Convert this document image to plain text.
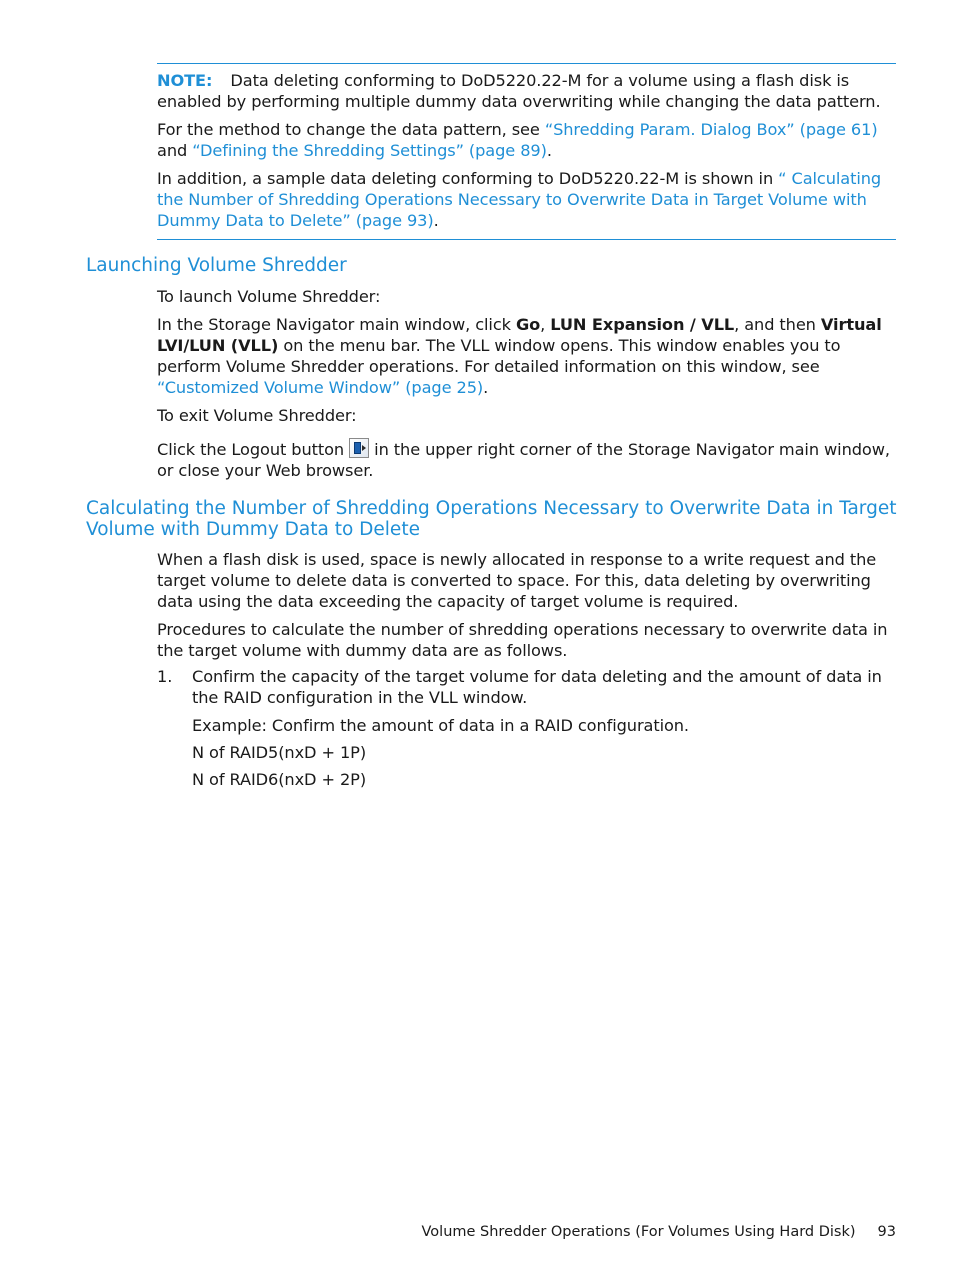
NOTE: Data deleting conforming to DoD5220.22-M for a volume using a flash disk is enabled by performing multiple dummy data overwriting while changing the data pattern.

For the method to change the data pattern, see “Shredding Param. Dialog Box” (page 61) and “Defining the Shredding Settings” (page 89).

In addition, a sample data deleting conforming to DoD5220.22-M is shown in “ Calculating the Number of Shredding Operations Necessary to Overwrite Data in Target Volume with Dummy Data to Delete” (page 93).

Launching Volume Shredder

To launch Volume Shredder:

In the Storage Navigator main window, click Go, LUN Expansion / VLL, and then Virtual LVI/LUN (VLL) on the menu bar. The VLL window opens. This window enables you to perform Volume Shredder operations. For detailed information on this window, see “Customized Volume Window” (page 25).

To exit Volume Shredder:

Click the Logout button  in the upper right corner of the Storage Navigator main window, or close your Web browser.

Calculating the Number of Shredding Operations Necessary to Overwrite Data in Target Volume with Dummy Data to Delete

When a flash disk is used, space is newly allocated in response to a write request and the target volume to delete data is converted to space. For this, data deleting by overwriting data using the data exceeding the capacity of target volume is required.

Procedures to calculate the number of shredding operations necessary to overwrite data in the target volume with dummy data are as follows.

1. Confirm the capacity of the target volume for data deleting and the amount of data in the RAID configuration in the VLL window.

Example: Confirm the amount of data in a RAID configuration.

N of RAID5(nxD + 1P)

N of RAID6(nxD + 2P)

Volume Shredder Operations (For Volumes Using Hard Disk) 93
